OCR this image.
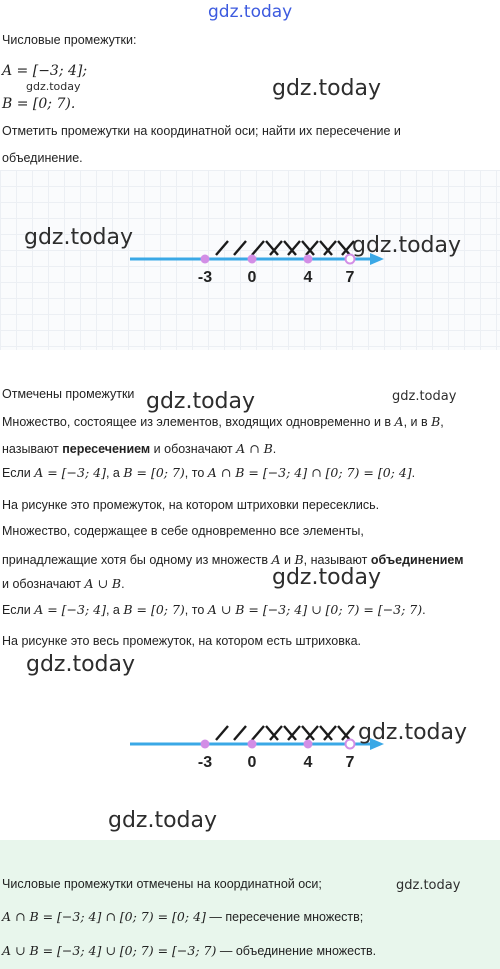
gdz.today
Числовые промежутки:
A = [−3; 4];
gdz.today
B = [0; 7).
gdz.today
Отметить промежутки на координатной оси; найти их пересечение и
объединение.
-3 0	4 7
gdz.today	gdz.today
Отмечены промежутки gdz.today	gdz.today
Множество, состоящее из элементов, входящих одновременно и в A, и в B,
называют пересечением и обозначают A ∩ B.
Если A = [−3; 4], а B = [0; 7), то A ∩ B = [−3; 4] ∩ [0; 7) = [0; 4].
На рисунке это промежуток, на котором штриховки пересеклись.
Множество, содержащее в себе одновременно все элементы,
принадлежащие хотя бы одному из множеств A и B, называют объединением
и обозначают A ∪ B.	gdz.today
Если A = [−3; 4], а B = [0; 7), то A ∪ B = [−3; 4] ∪ [0; 7) = [−3; 7).
На рисунке это весь промежуток, на котором есть штриховка.
gdz.today
-3 0	4 7
gdz.today
gdz.today
Числовые промежутки отмечены на координатной оси;	gdz.today
A ∩ B = [−3; 4] ∩ [0; 7) = [0; 4] — пересечение множеств;
A ∪ B = [−3; 4] ∪ [0; 7) = [−3; 7) — объединение множеств.
